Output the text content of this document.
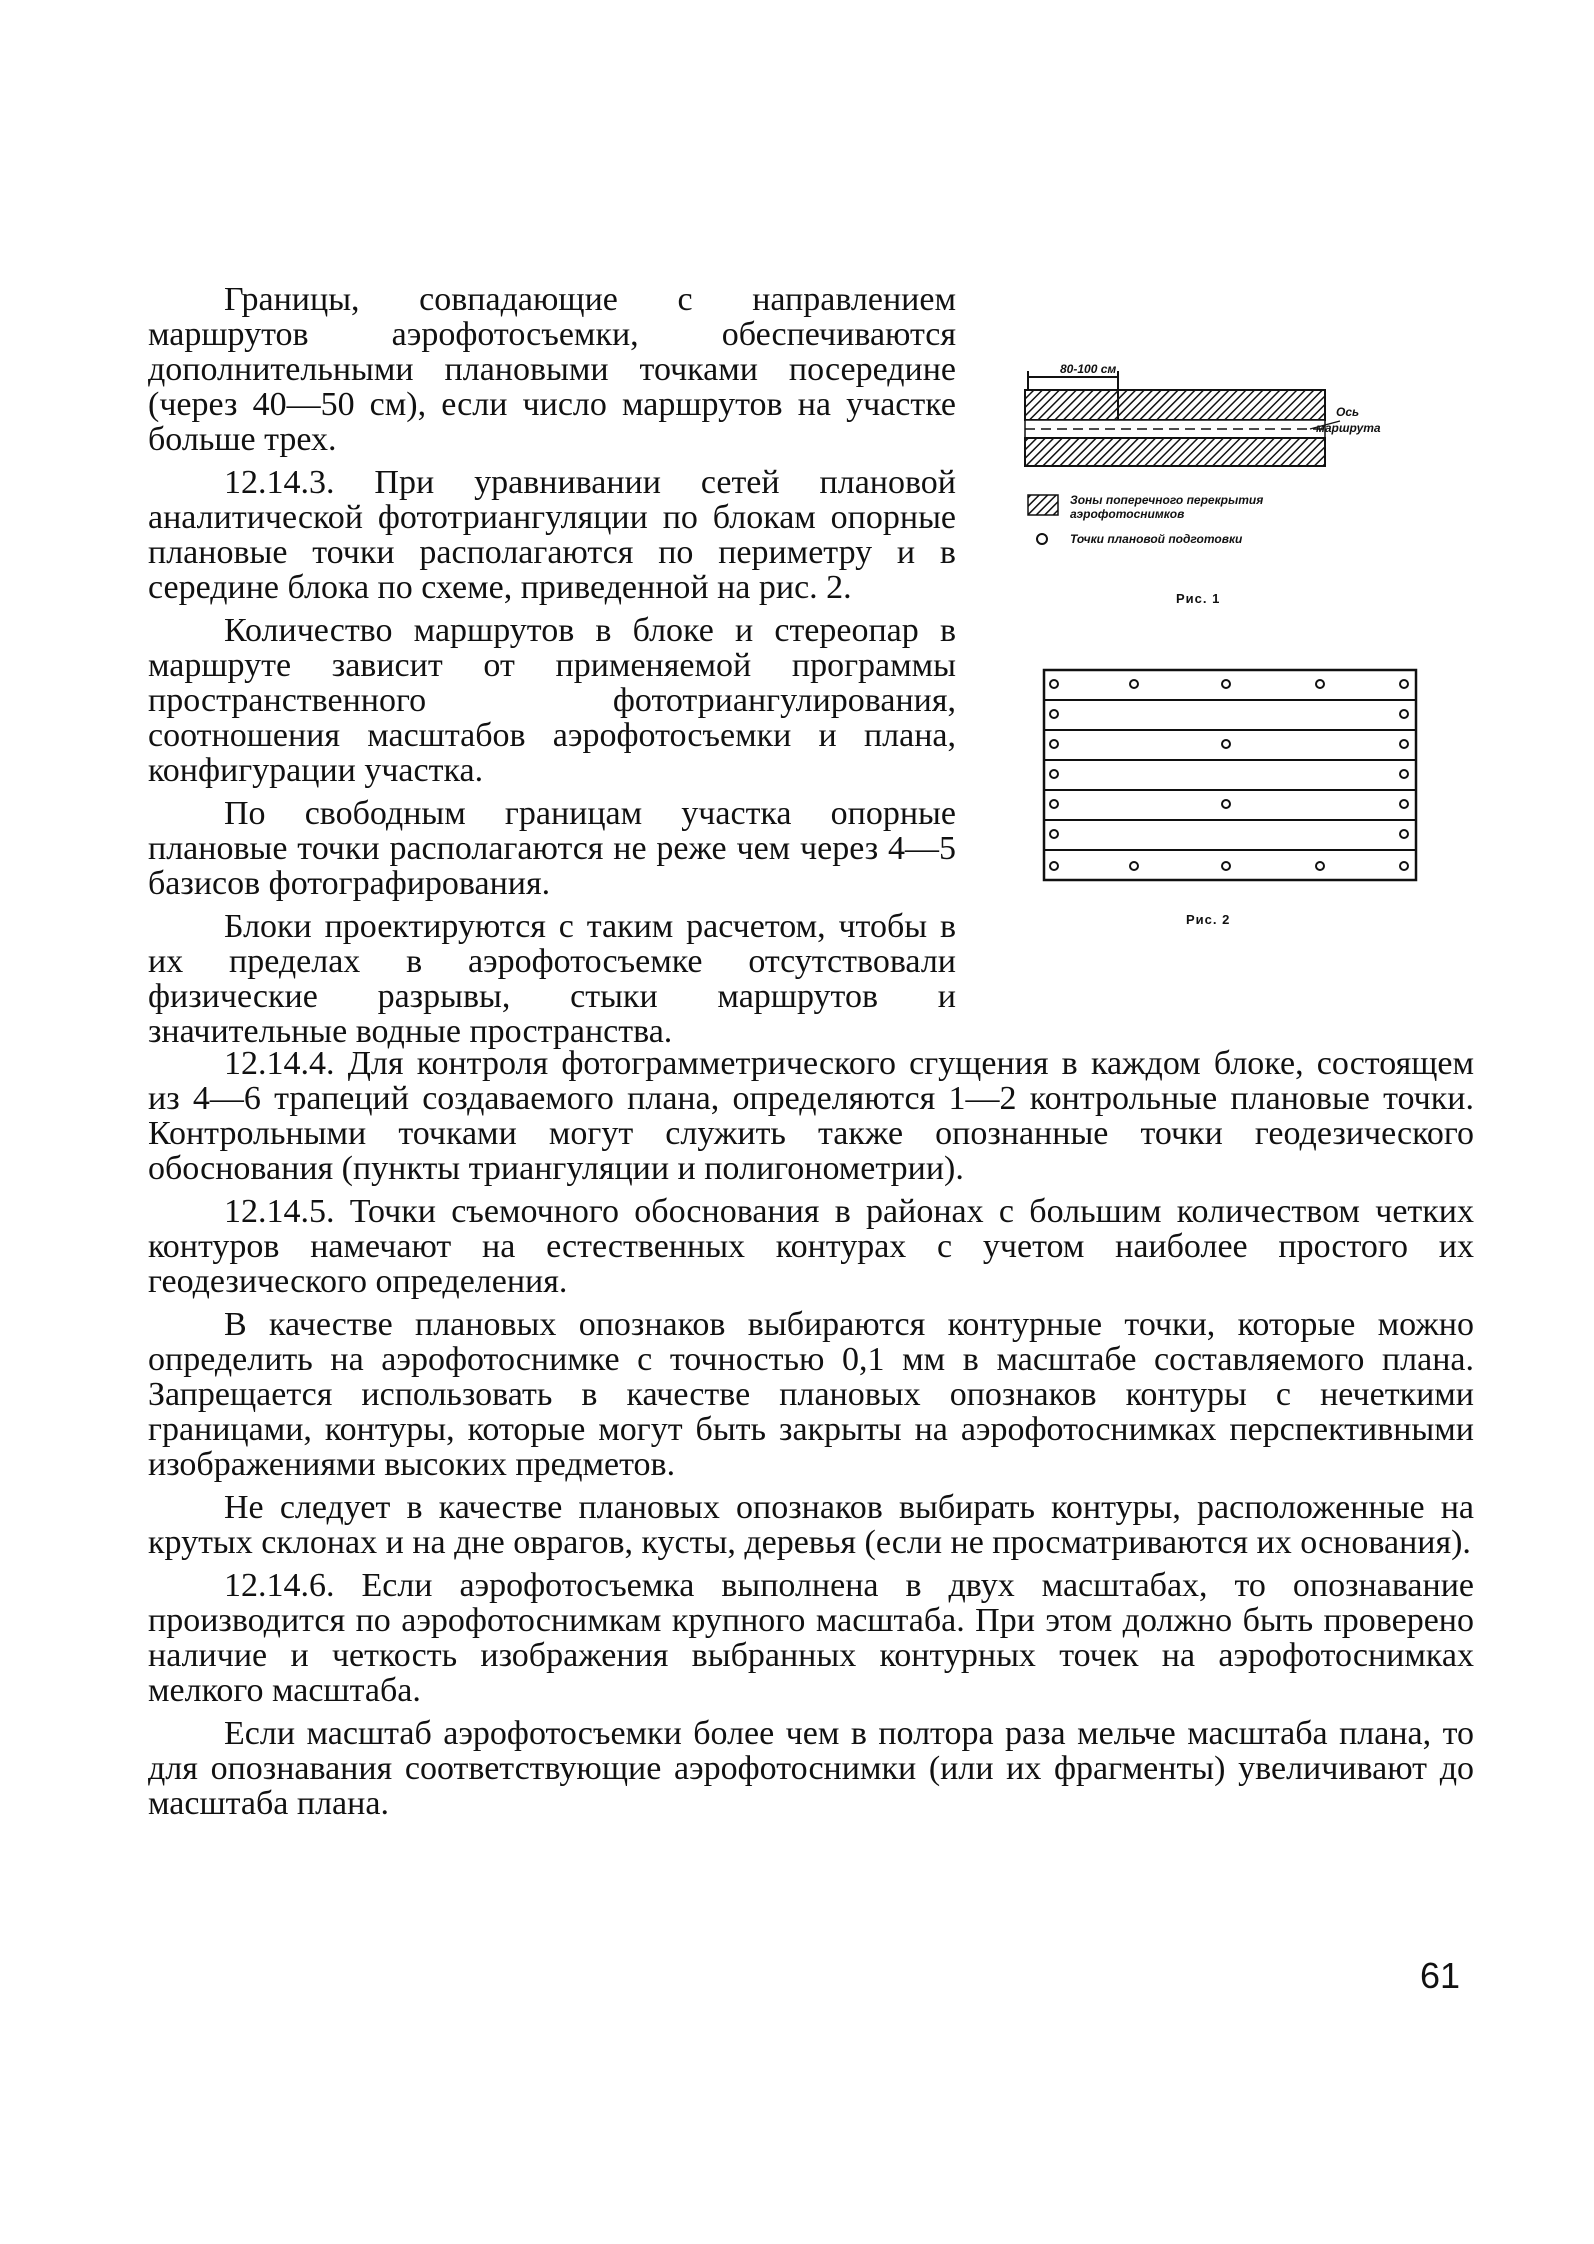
Границы, совпадающие с направлением маршрутов аэрофотосъемки, обеспечиваются дополнительными плановыми точками посередине (через 40—50 см), если число маршрутов на участке больше трех.

12.14.3. При уравнивании сетей плановой аналитической фототриангуляции по блокам опорные плановые точки располагаются по периметру и в середине блока по схеме, приведенной на рис. 2.

Количество маршрутов в блоке и стереопар в маршруте зависит от применяемой программы пространственного фототриангулирования, соотношения масштабов аэрофотосъемки и плана, конфигурации участка.

По свободным границам участка опорные плановые точки располагаются не реже чем через 4—5 базисов фотографирования.

Блоки проектируются с таким расчетом, чтобы в их пределах в аэрофотосъемке отсутствовали физические разрывы, стыки маршрутов и значительные водные пространства.

12.14.4. Для контроля фотограмметрического сгущения в каждом блоке, состоящем из 4—6 трапеций создаваемого плана, определяются 1—2 контрольные плановые точки. Контрольными точками могут служить также опознанные точки геодезического обоснования (пункты триангуляции и полигонометрии).

12.14.5. Точки съемочного обоснования в районах с большим количеством четких контуров намечают на естественных контурах с учетом наиболее простого их геодезического определения.

В качестве плановых опознаков выбираются контурные точки, которые можно определить на аэрофотоснимке с точностью 0,1 мм в масштабе составляемого плана. Запрещается использовать в качестве плановых опознаков контуры с нечеткими границами, контуры, которые могут быть закрыты на аэрофотоснимках перспективными изображениями высоких предметов.

Не следует в качестве плановых опознаков выбирать контуры, расположенные на крутых склонах и на дне оврагов, кусты, деревья (если не просматриваются их основания).

12.14.6. Если аэрофотосъемка выполнена в двух масштабах, то опознавание производится по аэрофотоснимкам крупного масштаба. При этом должно быть проверено наличие и четкость изображения выбранных контурных точек на аэрофотоснимках мелкого масштаба.

Если масштаб аэрофотосъемки более чем в полтора раза мельче масштаба плана, то для опознавания соответствующие аэрофотоснимки (или их фрагменты) увеличивают до масштаба плана.

80-100 см
Ось
маршрута
Зоны поперечного перекрытия
аэрофотоснимков
Точки плановой подготовки
Рис. 1
Рис. 2
61
